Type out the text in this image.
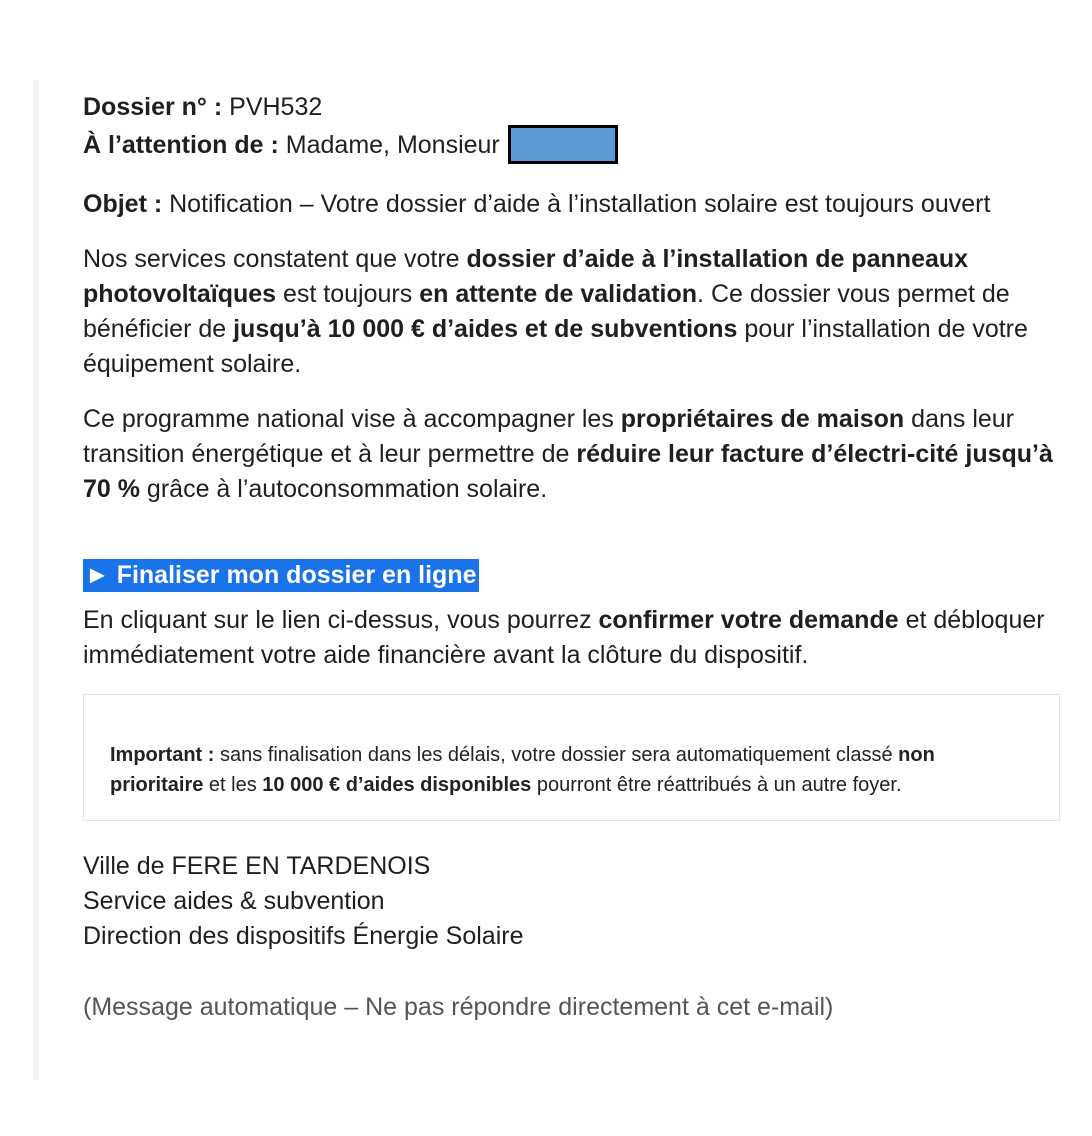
Dossier n° : PVH532

À l’attention de : Madame, Monsieur

Objet : Notification – Votre dossier d’aide à l’installation solaire est toujours ouvert

Nos services constatent que votre dossier d’aide à l’installation de panneaux photovoltaïques est toujours en attente de validation. Ce dossier vous permet de bénéficier de jusqu’à 10 000 € d’aides et de subventions pour l’installation de votre équipement solaire.

Ce programme national vise à accompagner les propriétaires de maison dans leur transition énergétique et à leur permettre de réduire leur facture d’électri-cité jusqu’à 70 % grâce à l’autoconsommation solaire.

► Finaliser mon dossier en ligne

En cliquant sur le lien ci-dessus, vous pourrez confirmer votre demande et débloquer immédiatement votre aide financière avant la clôture du dispositif.

Important : sans finalisation dans les délais, votre dossier sera automatiquement classé non prioritaire et les 10 000 € d’aides disponibles pourront être réattribués à un autre foyer.

Ville de FERE EN TARDENOIS
Service aides & subvention
Direction des dispositifs Énergie Solaire

(Message automatique – Ne pas répondre directement à cet e-mail)
